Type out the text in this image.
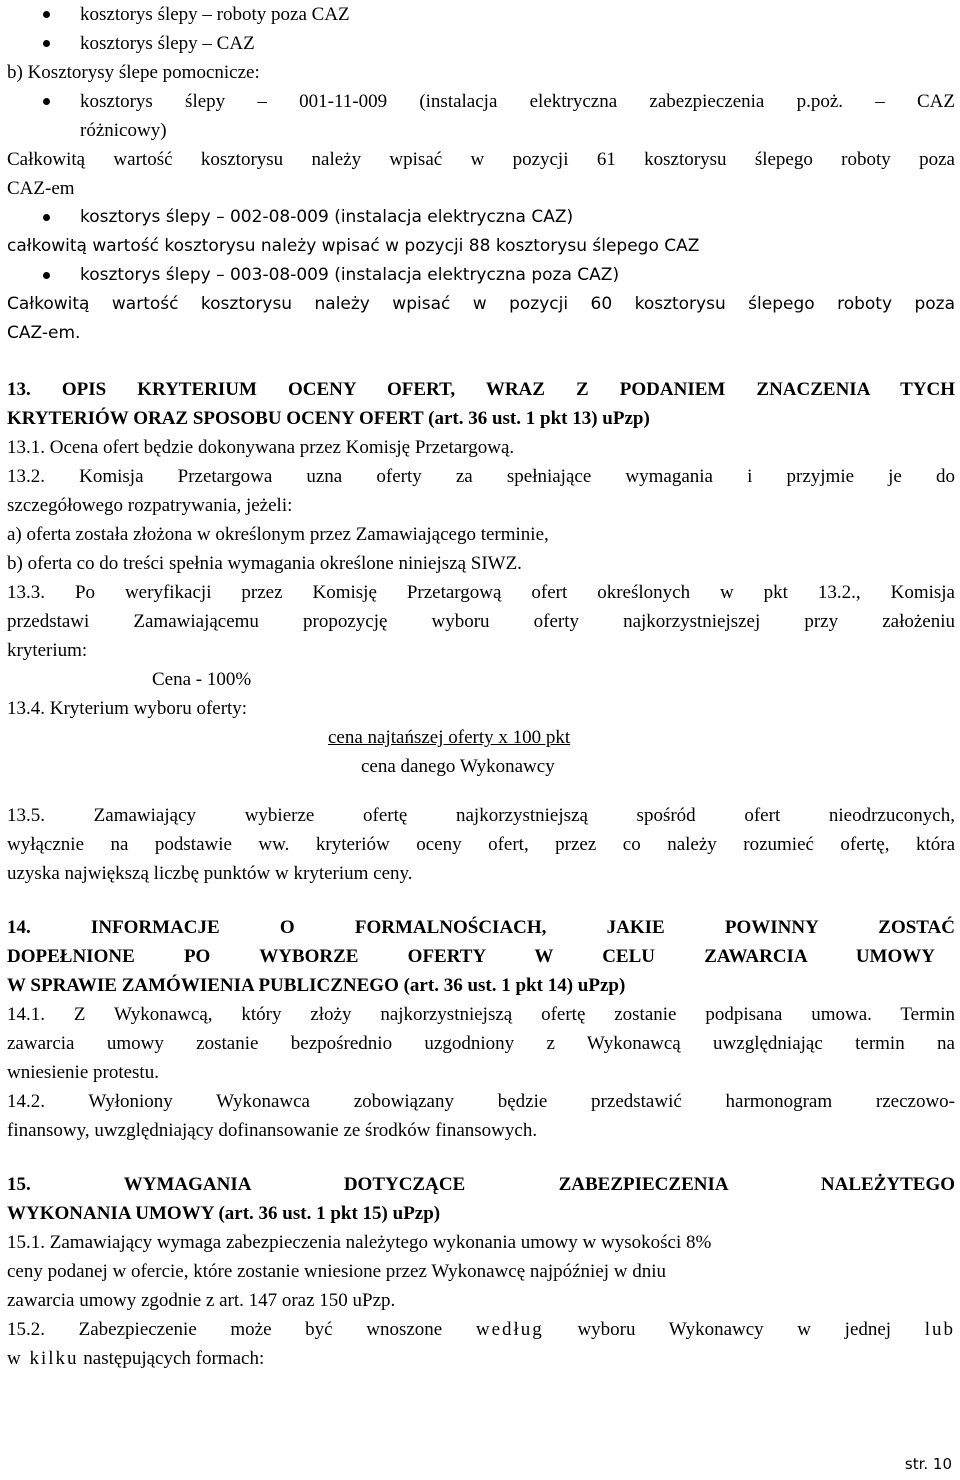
kosztorys ślepy – roboty poza CAZ

kosztorys ślepy – CAZ

b) Kosztorysy ślepe pomocnicze:

kosztorys ślepy – 001-11-009 (instalacja elektryczna zabezpieczenia p.poż. – CAZ

różnicowy)

Całkowitą wartość kosztorysu należy wpisać w pozycji 61 kosztorysu ślepego roboty poza

CAZ-em

kosztorys ślepy – 002-08-009 (instalacja elektryczna CAZ)

całkowitą wartość kosztorysu należy wpisać w pozycji 88 kosztorysu ślepego CAZ

kosztorys ślepy – 003-08-009 (instalacja elektryczna poza CAZ)

Całkowitą wartość kosztorysu należy wpisać w pozycji 60 kosztorysu ślepego roboty poza

CAZ-em.

13. OPIS KRYTERIUM OCENY OFERT, WRAZ Z PODANIEM ZNACZENIA TYCH

KRYTERIÓW ORAZ SPOSOBU OCENY OFERT (art. 36 ust. 1 pkt 13) uPzp)

13.1. Ocena ofert będzie dokonywana przez Komisję Przetargową.

13.2. Komisja Przetargowa uzna oferty za spełniające wymagania i przyjmie je do

szczegółowego rozpatrywania, jeżeli:

a) oferta została złożona w określonym przez Zamawiającego terminie,

b) oferta co do treści spełnia wymagania określone niniejszą SIWZ.

13.3. Po weryfikacji przez Komisję Przetargową ofert określonych w pkt 13.2., Komisja

przedstawi Zamawiającemu propozycję wyboru oferty najkorzystniejszej przy założeniu

kryterium:

Cena - 100%

13.4. Kryterium wyboru oferty:

cena najtańszej oferty x 100 pkt

cena danego Wykonawcy

13.5. Zamawiający wybierze ofertę najkorzystniejszą spośród ofert nieodrzuconych,

wyłącznie na podstawie ww. kryteriów oceny ofert, przez co należy rozumieć ofertę, która

uzyska największą liczbę punktów w kryterium ceny.

14. INFORMACJE O FORMALNOŚCIACH, JAKIE POWINNY ZOSTAĆ

DOPEŁNIONE PO WYBORZE OFERTY W CELU ZAWARCIA UMOWY

W SPRAWIE ZAMÓWIENIA PUBLICZNEGO (art. 36 ust. 1 pkt 14) uPzp)

14.1. Z Wykonawcą, który złoży najkorzystniejszą ofertę zostanie podpisana umowa. Termin

zawarcia umowy zostanie bezpośrednio uzgodniony z Wykonawcą uwzględniając termin na

wniesienie protestu.

14.2. Wyłoniony Wykonawca zobowiązany będzie przedstawić harmonogram rzeczowo-

finansowy, uwzględniający dofinansowanie ze środków finansowych.

15. WYMAGANIA DOTYCZĄCE ZABEZPIECZENIA NALEŻYTEGO

WYKONANIA UMOWY (art. 36 ust. 1 pkt 15) uPzp)

15.1. Zamawiający wymaga zabezpieczenia należytego wykonania umowy w wysokości 8%

ceny podanej w ofercie, które zostanie wniesione przez Wykonawcę najpóźniej w dniu

zawarcia umowy zgodnie z art. 147 oraz 150 uPzp.

15.2. Zabezpieczenie może być wnoszone według wyboru Wykonawcy w jednej lub

w kilku następujących formach:

str. 10
